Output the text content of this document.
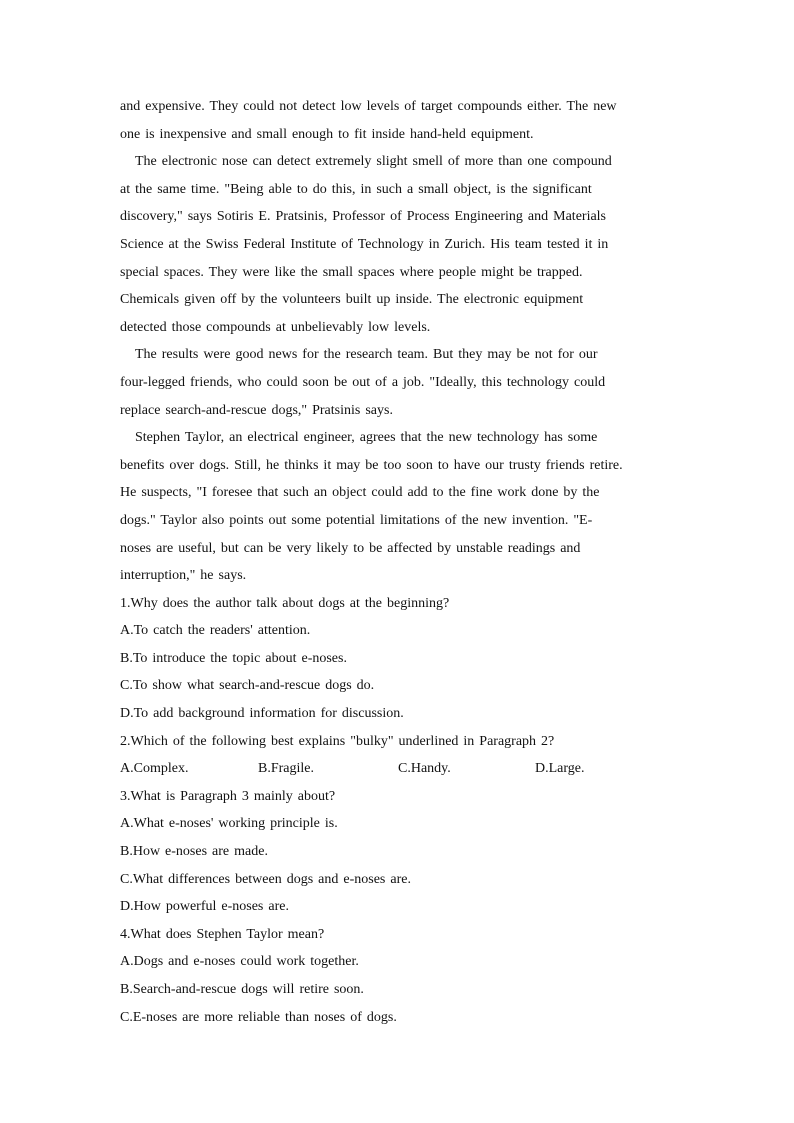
and expensive. They could not detect low levels of target compounds either. The new
one is inexpensive and small enough to fit inside hand-held equipment.
The electronic nose can detect extremely slight smell of more than one compound
at the same time. "Being able to do this, in such a small object, is the significant
discovery," says Sotiris E. Pratsinis, Professor of Process Engineering and Materials
Science at the Swiss Federal Institute of Technology in Zurich. His team tested it in
special spaces. They were like the small spaces where people might be trapped.
Chemicals given off by the volunteers built up inside. The electronic equipment
detected those compounds at unbelievably low levels.
The results were good news for the research team. But they may be not for our
four-legged friends, who could soon be out of a job. "Ideally, this technology could
replace search-and-rescue dogs," Pratsinis says.
Stephen Taylor, an electrical engineer, agrees that the new technology has some
benefits over dogs. Still, he thinks it may be too soon to have our trusty friends retire.
He suspects, "I foresee that such an object could add to the fine work done by the
dogs." Taylor also points out some potential limitations of the new invention. "E-
noses are useful, but can be very likely to be affected by unstable readings and
interruption," he says.
1.Why does the author talk about dogs at the beginning?
A.To catch the readers' attention.
B.To introduce the topic about e-noses.
C.To show what search-and-rescue dogs do.
D.To add background information for discussion.
2.Which of the following best explains "bulky" underlined in Paragraph 2?
A.Complex.	B.Fragile.	C.Handy.	D.Large.
3.What is Paragraph 3 mainly about?
A.What e-noses' working principle is.
B.How e-noses are made.
C.What differences between dogs and e-noses are.
D.How powerful e-noses are.
4.What does Stephen Taylor mean?
A.Dogs and e-noses could work together.
B.Search-and-rescue dogs will retire soon.
C.E-noses are more reliable than noses of dogs.
